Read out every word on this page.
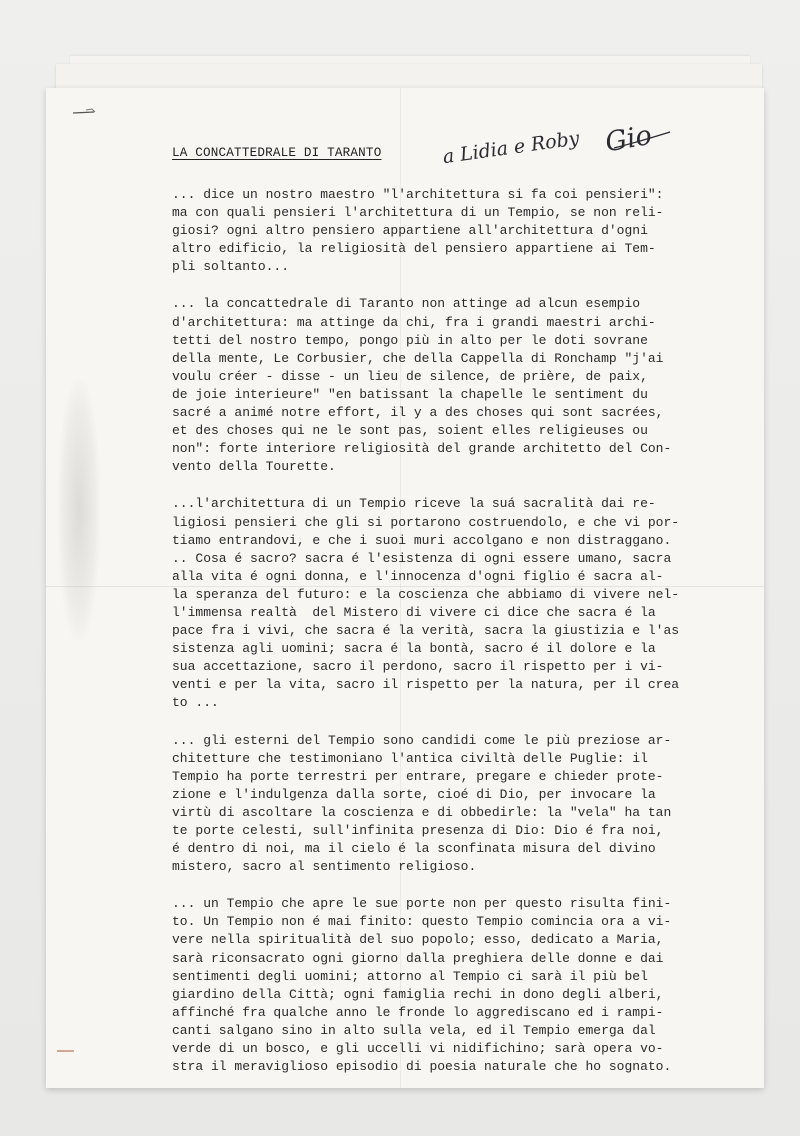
a Lidia e Roby Gio
LA CONCATTEDRALE DI TARANTO
... dice un nostro maestro "l'architettura si fa coi pensieri":
ma con quali pensieri l'architettura di un Tempio, se non reli-
giosi? ogni altro pensiero appartiene all'architettura d'ogni
altro edificio, la religiosità del pensiero appartiene ai Tem-
pli soltanto...
... la concattedrale di Taranto non attinge ad alcun esempio
d'architettura: ma attinge da chi, fra i grandi maestri archi-
tetti del nostro tempo, pongo più in alto per le doti sovrane
della mente, Le Corbusier, che della Cappella di Ronchamp "j'ai
voulu créer - disse - un lieu de silence, de prière, de paix,
de joie interieure" "en batissant la chapelle le sentiment du
sacré a animé notre effort, il y a des choses qui sont sacrées,
et des choses qui ne le sont pas, soient elles religieuses ou
non": forte interiore religiosità del grande architetto del Con-
vento della Tourette.
...l'architettura di un Tempio riceve la suá sacralità dai re-
ligiosi pensieri che gli si portarono costruendolo, e che vi por-
tiamo entrandovi, e che i suoi muri accolgano e non distraggano.
.. Cosa é sacro? sacra é l'esistenza di ogni essere umano, sacra
alla vita é ogni donna, e l'innocenza d'ogni figlio é sacra al-
la speranza del futuro: e la coscienza che abbiamo di vivere nel-
l'immensa realtà  del Mistero di vivere ci dice che sacra é la
pace fra i vivi, che sacra é la verità, sacra la giustizia e l'as
sistenza agli uomini; sacra é la bontà, sacro é il dolore e la
sua accettazione, sacro il perdono, sacro il rispetto per i vi-
venti e per la vita, sacro il rispetto per la natura, per il crea
to ...
... gli esterni del Tempio sono candidi come le più preziose ar-
chitetture che testimoniano l'antica civiltà delle Puglie: il
Tempio ha porte terrestri per entrare, pregare e chieder prote-
zione e l'indulgenza dalla sorte, cioé di Dio, per invocare la
virtù di ascoltare la coscienza e di obbedirle: la "vela" ha tan
te porte celesti, sull'infinita presenza di Dio: Dio é fra noi,
é dentro di noi, ma il cielo é la sconfinata misura del divino
mistero, sacro al sentimento religioso.
... un Tempio che apre le sue porte non per questo risulta fini-
to. Un Tempio non é mai finito: questo Tempio comincia ora a vi-
vere nella spiritualità del suo popolo; esso, dedicato a Maria,
sarà riconsacrato ogni giorno dalla preghiera delle donne e dai
sentimenti degli uomini; attorno al Tempio ci sarà il più bel
giardino della Città; ogni famiglia rechi in dono degli alberi,
affinché fra qualche anno le fronde lo aggrediscano ed i rampi-
canti salgano sino in alto sulla vela, ed il Tempio emerga dal
verde di un bosco, e gli uccelli vi nidifichino; sarà opera vo-
stra il meraviglioso episodio di poesia naturale che ho sognato.
